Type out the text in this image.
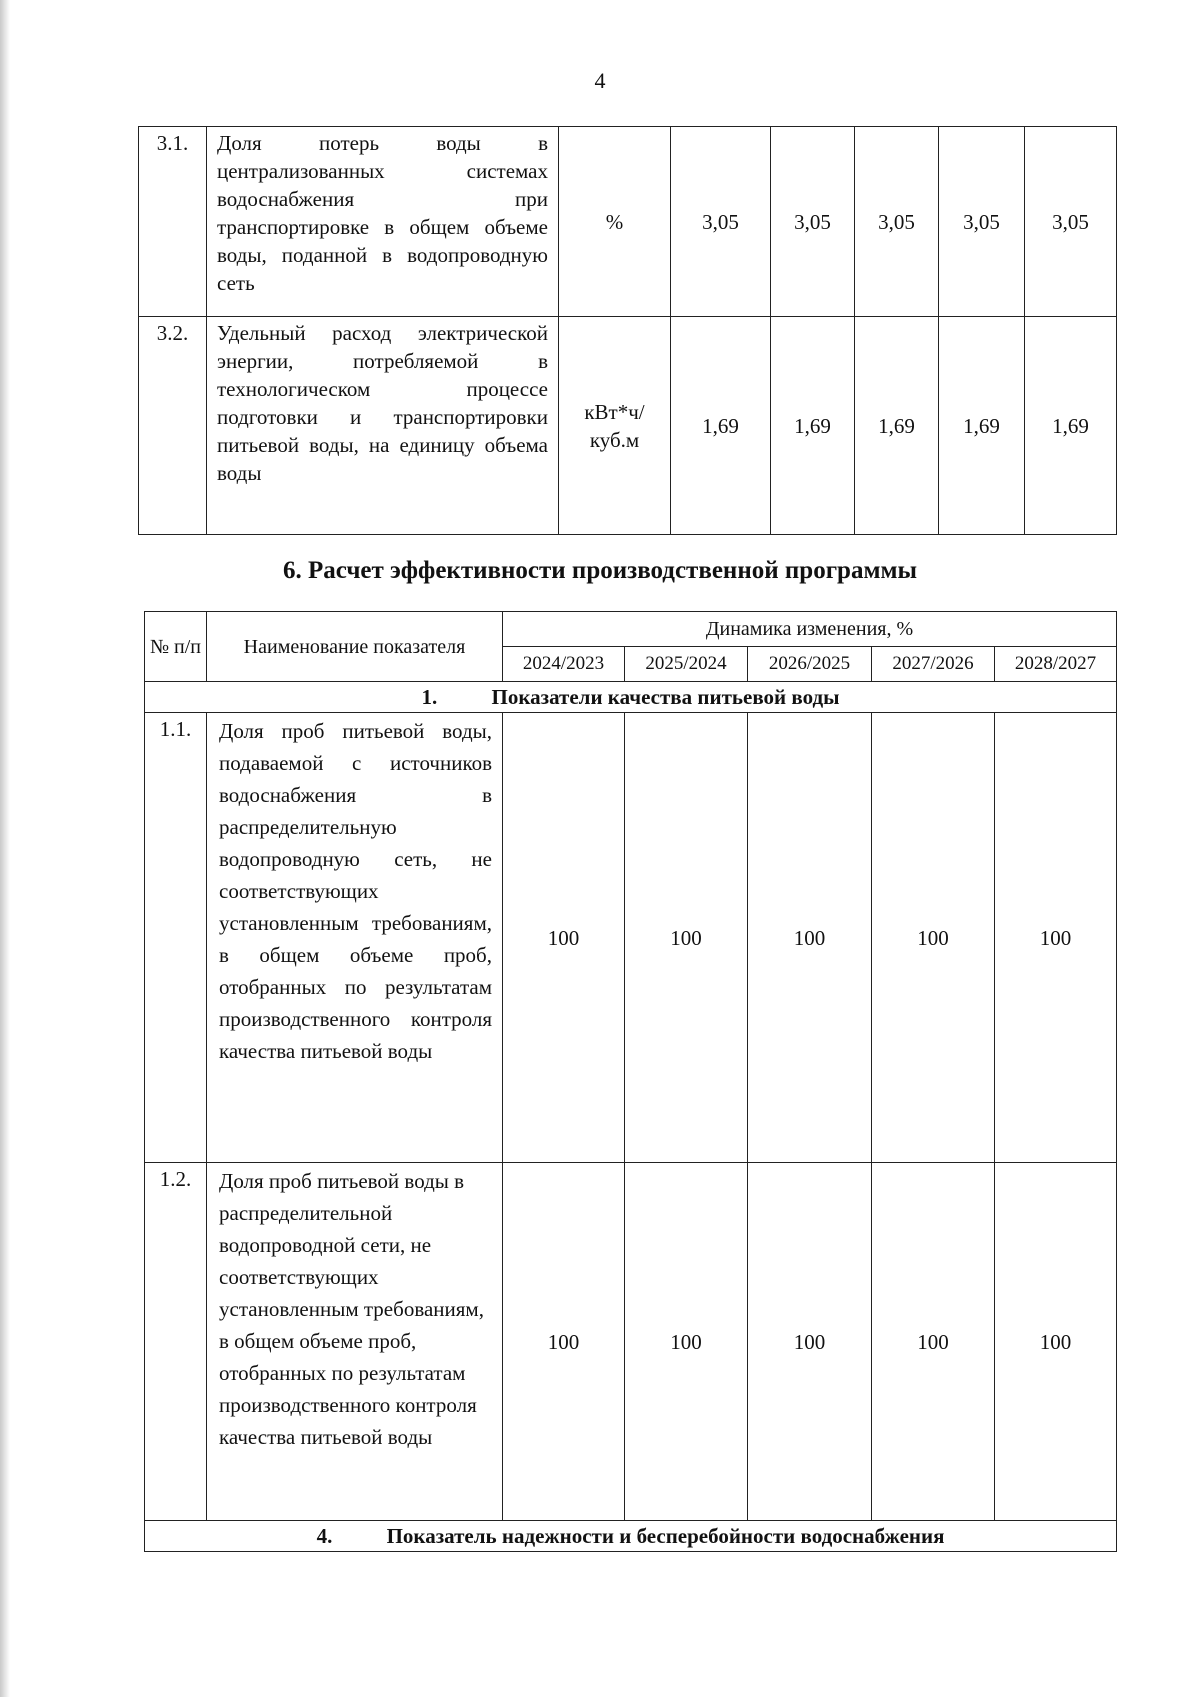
4
3.1.	Доля потерь воды в централизованных системах водоснабжения при транспортировке в общем объеме воды, поданной в водопроводную сеть	%	3,05	3,05	3,05	3,05	3,05
3.2.	Удельный расход электрической энергии, потребляемой в технологическом процессе подготовки и транспортировки питьевой воды, на единицу объема воды	кВт*ч/ куб.м	1,69	1,69	1,69	1,69	1,69
6. Расчет эффективности производственной программы
№ п/п	Наименование показателя	Динамика изменения, %				
		2024/2023	2025/2024	2026/2025	2027/2026	2028/2027
1. Показатели качества питьевой воды						
1.1.	Доля проб питьевой воды, подаваемой с источников водоснабжения в распределительную водопроводную сеть, не соответствующих установленным требованиям, в общем объеме проб, отобранных по результатам производственного контроля качества питьевой воды	100	100	100	100	100
1.2.	Доля проб питьевой воды в распределительной водопроводной сети, не соответствующих установленным требованиям, в общем объеме проб, отобранных по результатам производственного контроля качества питьевой воды	100	100	100	100	100
4. Показатель надежности и бесперебойности водоснабжения						
